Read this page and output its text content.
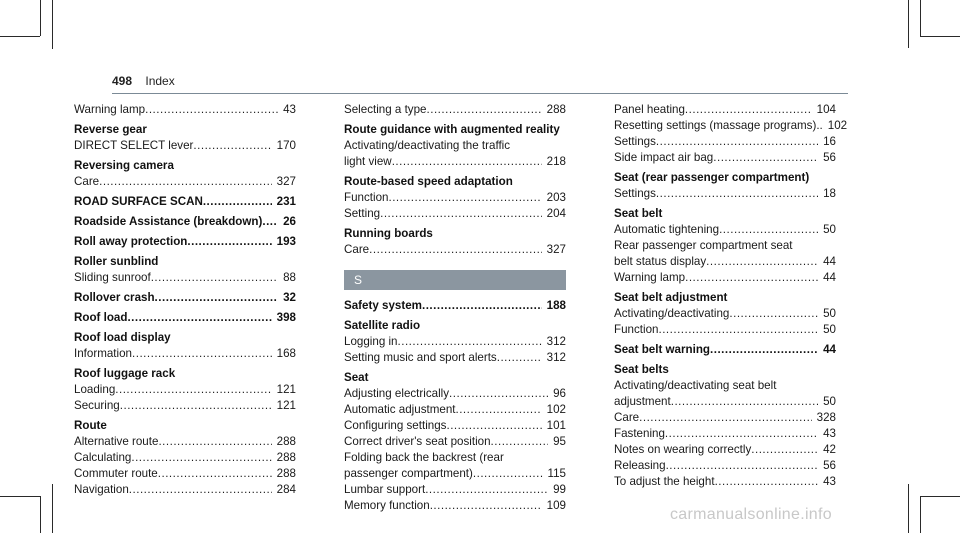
498 Index
Warning lamp .....	43
Reverse gear
DIRECT SELECT lever .....	170
Reversing camera
Care .....	327
ROAD SURFACE SCAN .....	231
Roadside Assistance (breakdown) .....	26
Roll away protection .....	193
Roller sunblind
Sliding sunroof .....	88
Rollover crash .....	32
Roof load .....	398
Roof load display
Information .....	168
Roof luggage rack
Loading .....	121
Securing .....	121
Route
Alternative route .....	288
Calculating .....	288
Commuter route .....	288
Navigation .....	284
Selecting a type .....	288
Route guidance with augmented reality
Activating/deactivating the traffic
light view .....	218
Route-based speed adaptation
Function .....	203
Setting .....	204
Running boards
Care .....	327
S
Safety system .....	188
Satellite radio
Logging in .....	312
Setting music and sport alerts .....	312
Seat
Adjusting electrically .....	96
Automatic adjustment .....	102
Configuring settings .....	101
Correct driver's seat position .....	95
Folding back the backrest (rear
passenger compartment) .....	115
Lumbar support .....	99
Memory function .....	109
Panel heating .....	104
Resetting settings (massage programs).. 102
Settings .....	16
Side impact air bag .....	56
Seat (rear passenger compartment)
Settings .....	18
Seat belt
Automatic tightening .....	50
Rear passenger compartment seat
belt status display .....	44
Warning lamp .....	44
Seat belt adjustment
Activating/deactivating .....	50
Function .....	50
Seat belt warning .....	44
Seat belts
Activating/deactivating seat belt
adjustment .....	50
Care .....	328
Fastening .....	43
Notes on wearing correctly .....	42
Releasing .....	56
To adjust the height .....	43
carmanualsonline.info
